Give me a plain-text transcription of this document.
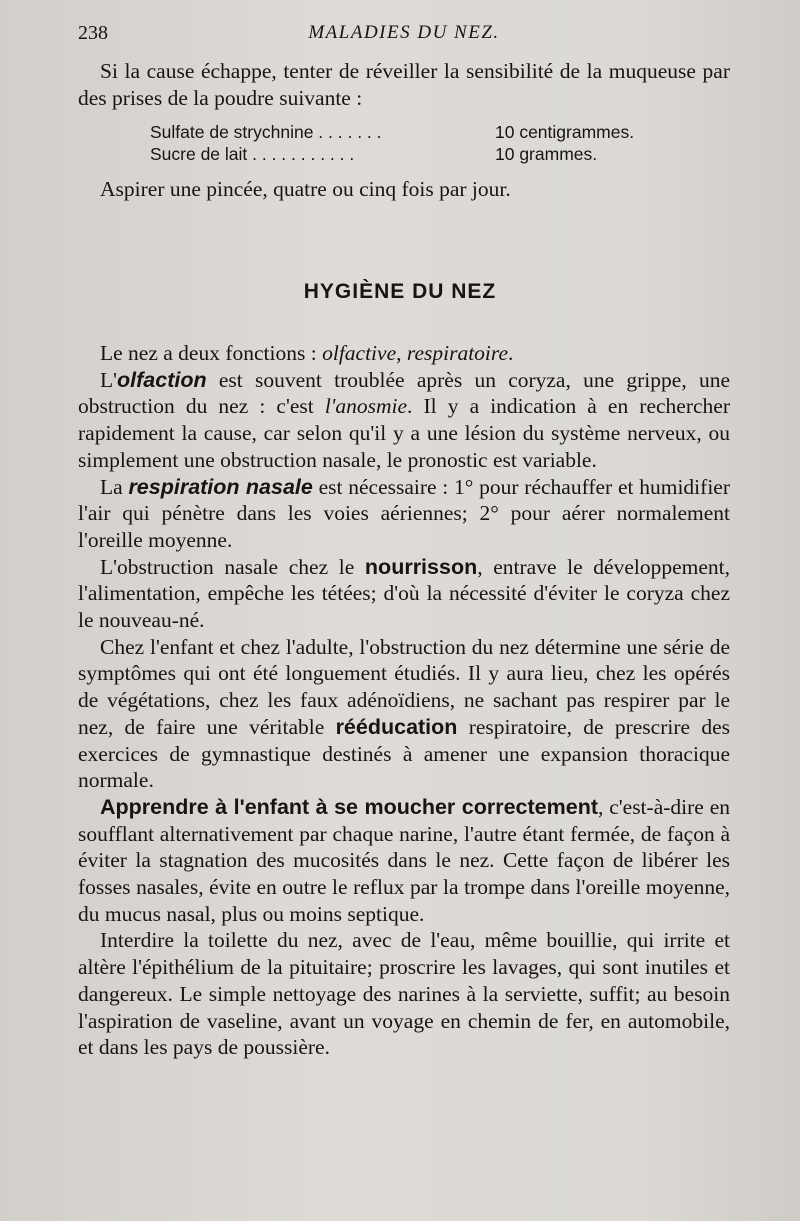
238	MALADIES DU NEZ.

Si la cause échappe, tenter de réveiller la sensibilité de la muqueuse par des prises de la poudre suivante :

Sulfate de strychnine . . . . . . .	10 centigrammes.
Sucre de lait . . . . . . . . . . .	10 grammes.

Aspirer une pincée, quatre ou cinq fois par jour.

HYGIÈNE DU NEZ

Le nez a deux fonctions : olfactive, respiratoire.

L'olfaction est souvent troublée après un coryza, une grippe, une obstruction du nez : c'est l'anosmie. Il y a indication à en rechercher rapidement la cause, car selon qu'il y a une lésion du système nerveux, ou simplement une obstruction nasale, le pronostic est variable.

La respiration nasale est nécessaire : 1° pour réchauffer et humidifier l'air qui pénètre dans les voies aériennes; 2° pour aérer normalement l'oreille moyenne.

L'obstruction nasale chez le nourrisson, entrave le développement, l'alimentation, empêche les tétées; d'où la nécessité d'éviter le coryza chez le nouveau-né.

Chez l'enfant et chez l'adulte, l'obstruction du nez détermine une série de symptômes qui ont été longuement étudiés. Il y aura lieu, chez les opérés de végétations, chez les faux adénoïdiens, ne sachant pas respirer par le nez, de faire une véritable rééducation respiratoire, de prescrire des exercices de gymnastique destinés à amener une expansion thoracique normale.

Apprendre à l'enfant à se moucher correctement, c'est-à-dire en soufflant alternativement par chaque narine, l'autre étant fermée, de façon à éviter la stagnation des mucosités dans le nez. Cette façon de libérer les fosses nasales, évite en outre le reflux par la trompe dans l'oreille moyenne, du mucus nasal, plus ou moins septique.

Interdire la toilette du nez, avec de l'eau, même bouillie, qui irrite et altère l'épithélium de la pituitaire; proscrire les lavages, qui sont inutiles et dangereux. Le simple nettoyage des narines à la serviette, suffit; au besoin l'aspiration de vaseline, avant un voyage en chemin de fer, en automobile, et dans les pays de poussière.
